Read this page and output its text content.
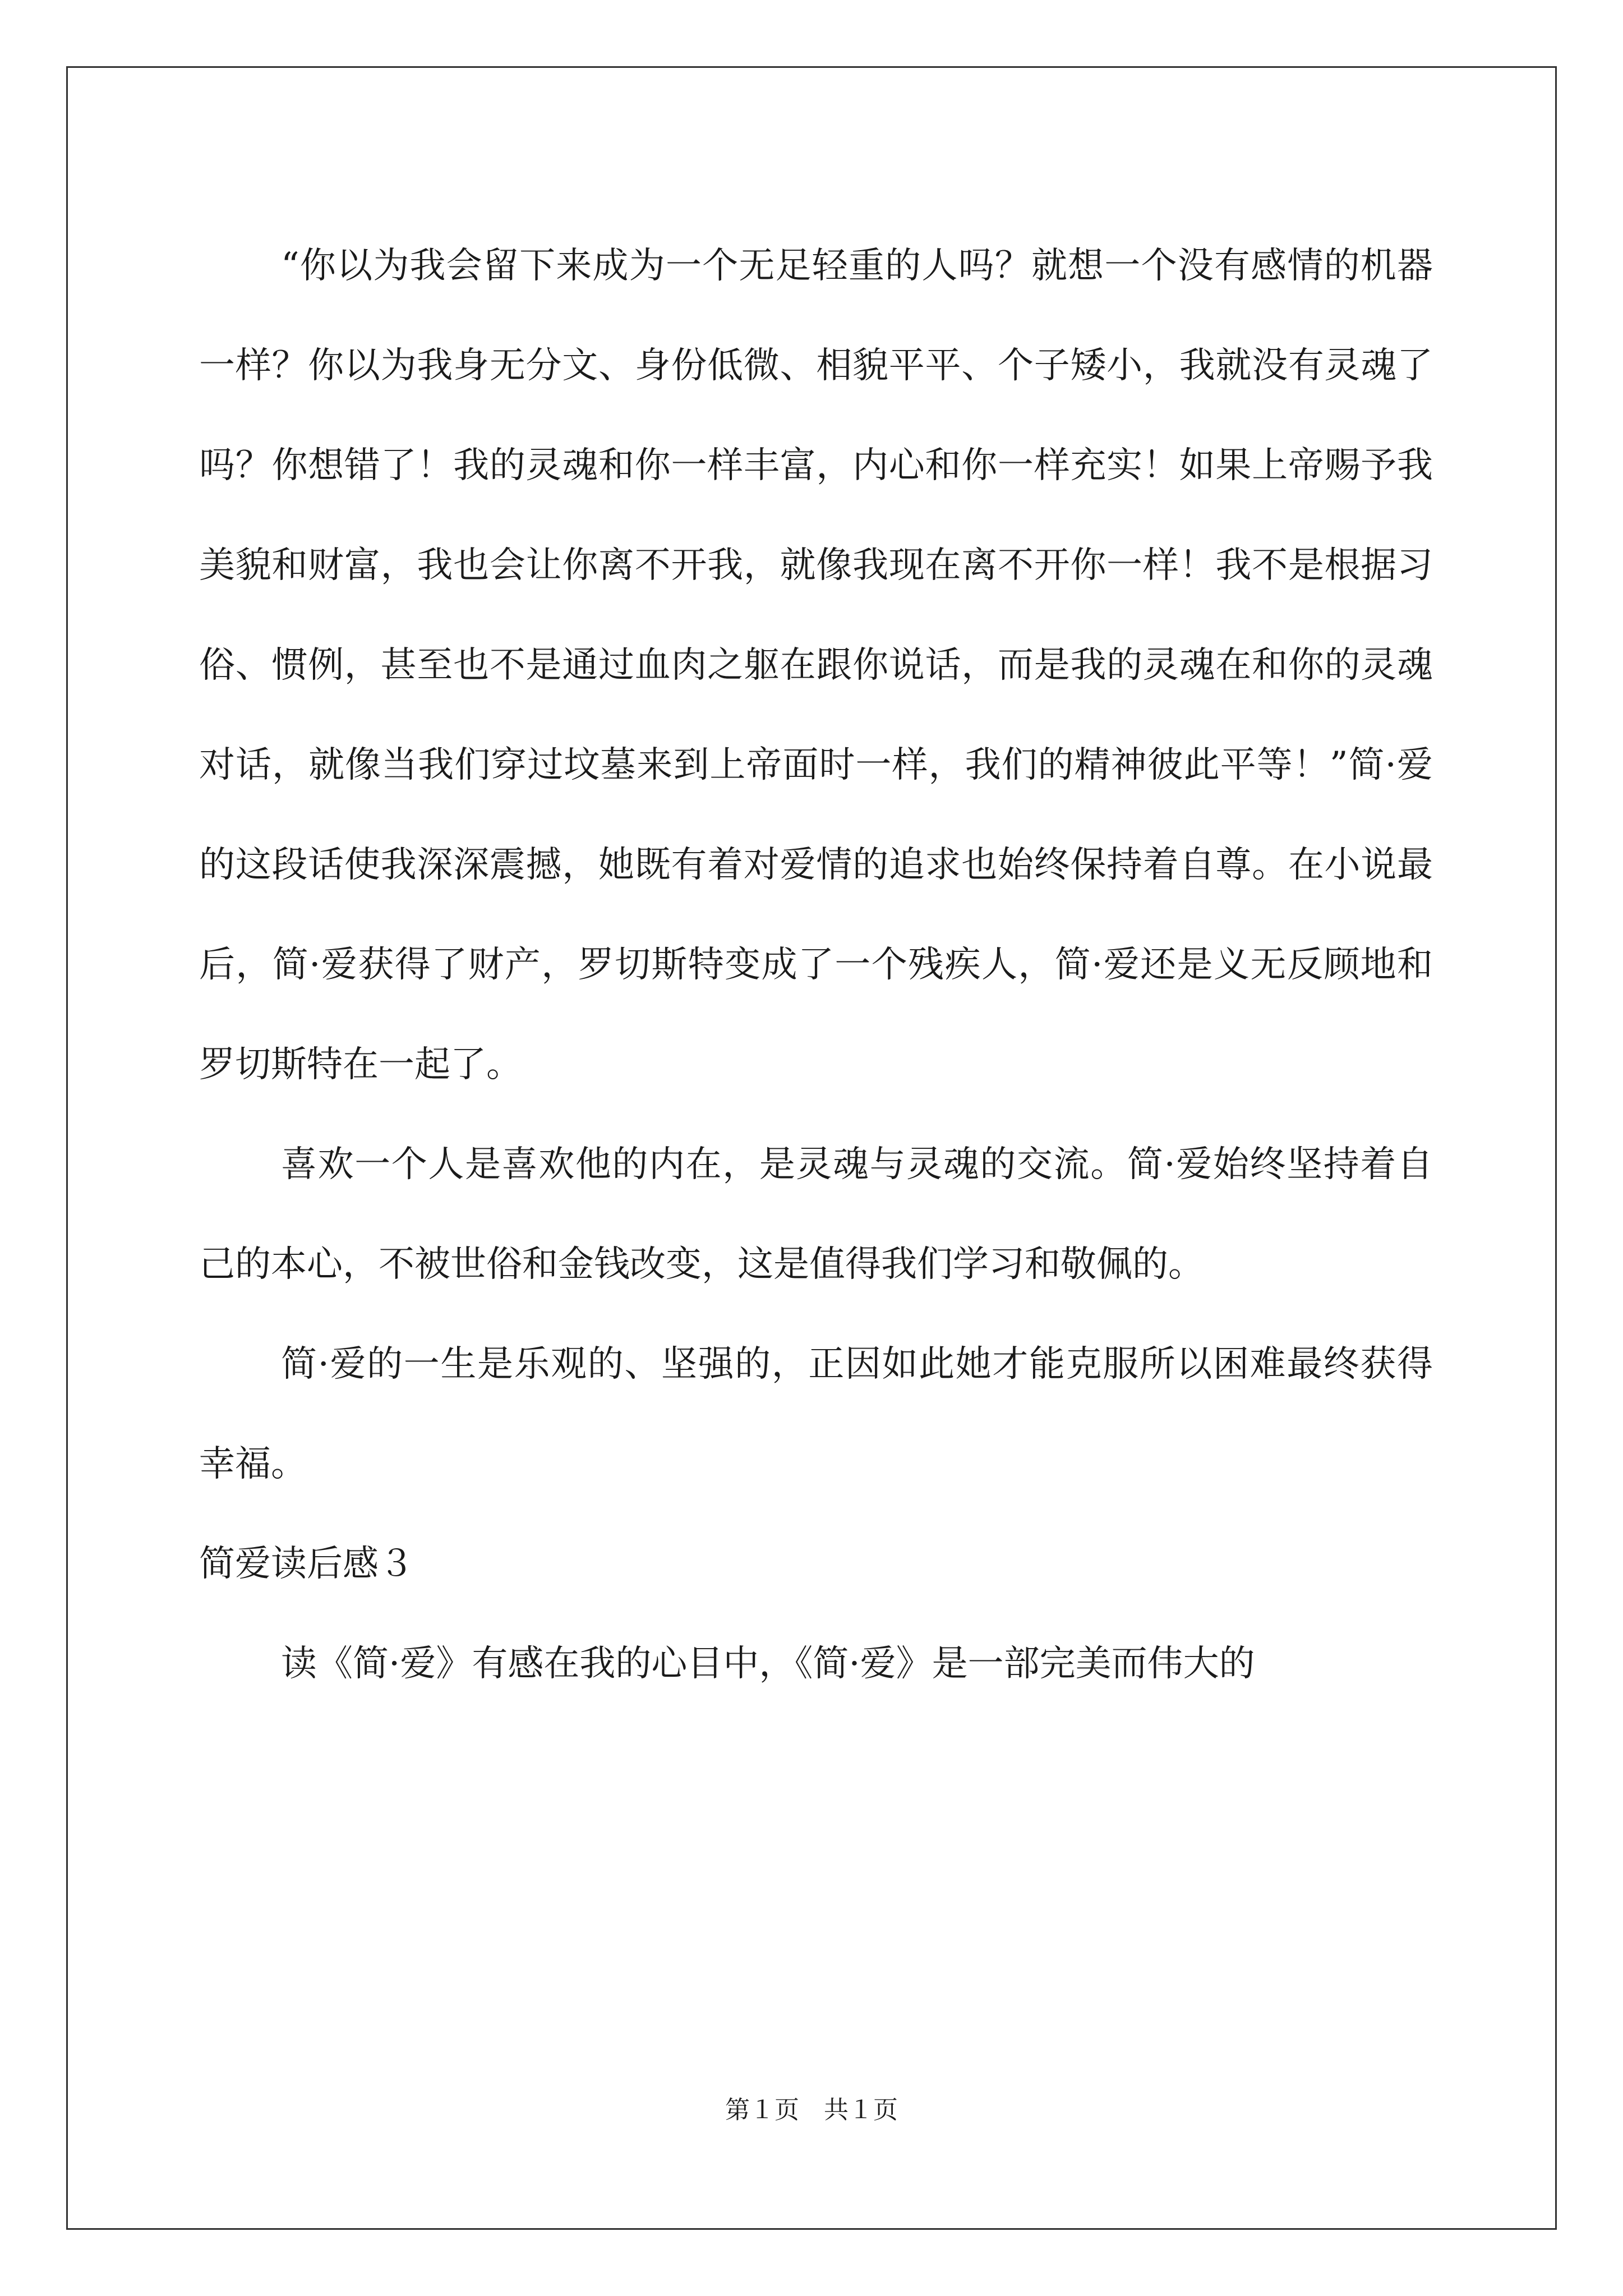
“你以为我会留下来成为一个无足轻重的人吗？就想一个没有感情的机器一样？你以为我身无分文、身份低微、相貌平平、个子矮小，我就没有灵魂了吗？你想错了！我的灵魂和你一样丰富，内心和你一样充实！如果上帝赐予我美貌和财富，我也会让你离不开我，就像我现在离不开你一样！我不是根据习俗、惯例，甚至也不是通过血肉之躯在跟你说话，而是我的灵魂在和你的灵魂对话，就像当我们穿过坟墓来到上帝面时一样，我们的精神彼此平等！”简·爱的这段话使我深深震撼，她既有着对爱情的追求也始终保持着自尊。在小说最后，简·爱获得了财产，罗切斯特变成了一个残疾人，简·爱还是义无反顾地和罗切斯特在一起了。

喜欢一个人是喜欢他的内在，是灵魂与灵魂的交流。简·爱始终坚持着自己的本心，不被世俗和金钱改变，这是值得我们学习和敬佩的。

简·爱的一生是乐观的、坚强的，正因如此她才能克服所以困难最终获得幸福。

简爱读后感３

读《简·爱》有感在我的心目中，《简·爱》是一部完美而伟大的

第１页　共１页
